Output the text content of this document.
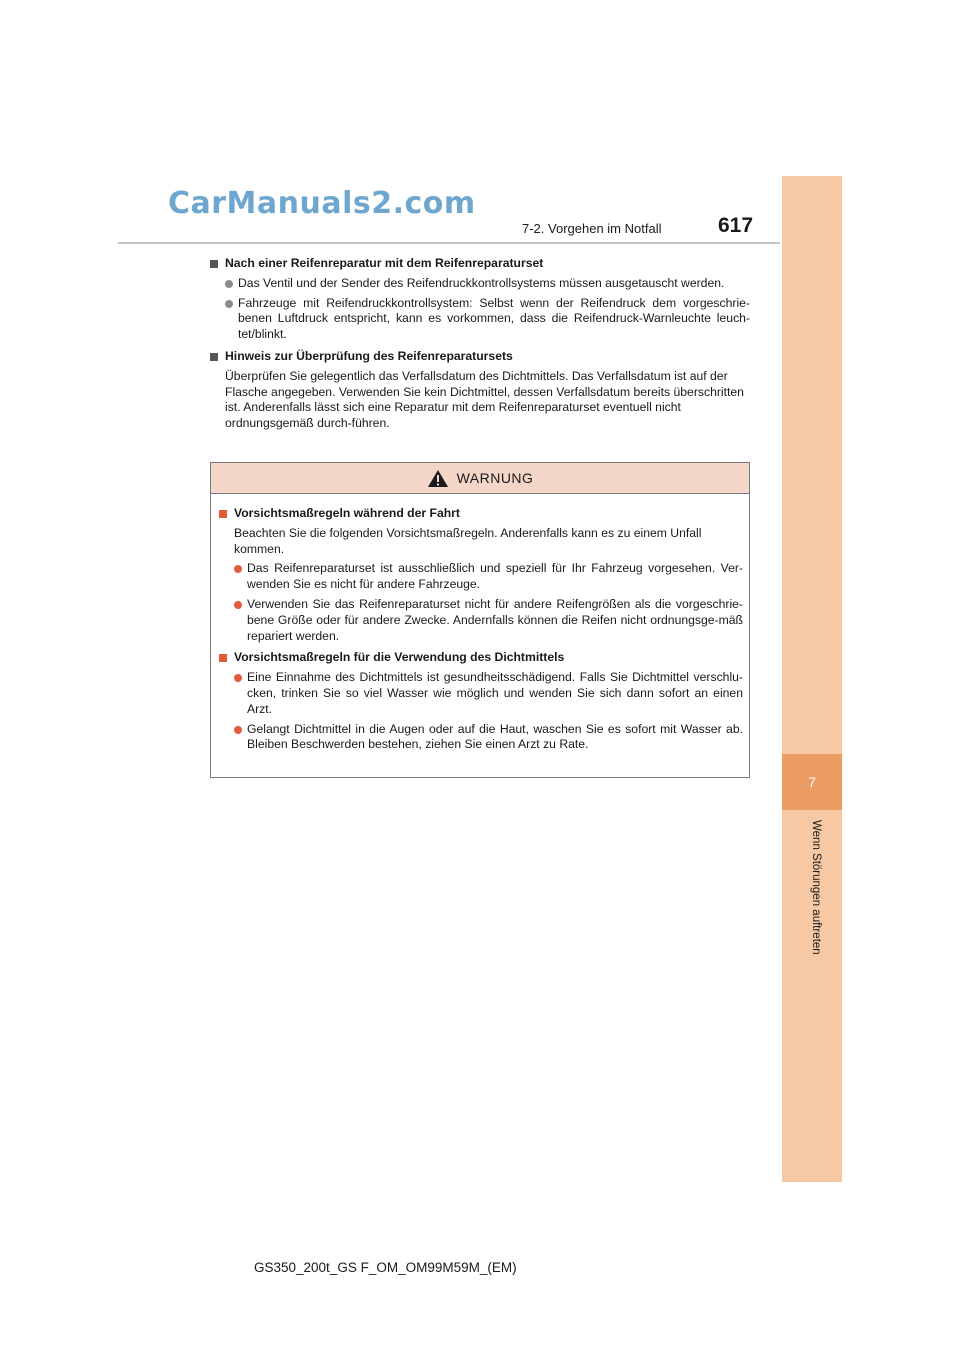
CarManuals2.com
7-2. Vorgehen im Notfall	617
7
Wenn Störungen auftreten
Nach einer Reifenreparatur mit dem Reifenreparaturset
Das Ventil und der Sender des Reifendruckkontrollsystems müssen ausgetauscht werden.
Fahrzeuge mit Reifendruckkontrollsystem: Selbst wenn der Reifendruck dem vorgeschrie-benen Luftdruck entspricht, kann es vorkommen, dass die Reifendruck-Warnleuchte leuch-tet/blinkt.
Hinweis zur Überprüfung des Reifenreparatursets
Überprüfen Sie gelegentlich das Verfallsdatum des Dichtmittels. Das Verfallsdatum ist auf der Flasche angegeben. Verwenden Sie kein Dichtmittel, dessen Verfallsdatum bereits überschritten ist. Anderenfalls lässt sich eine Reparatur mit dem Reifenreparaturset eventuell nicht ordnungsgemäß durch-führen.
WARNUNG
Vorsichtsmaßregeln während der Fahrt
Beachten Sie die folgenden Vorsichtsmaßregeln. Anderenfalls kann es zu einem Unfall kommen.
Das Reifenreparaturset ist ausschließlich und speziell für Ihr Fahrzeug vorgesehen. Ver-wenden Sie es nicht für andere Fahrzeuge.
Verwenden Sie das Reifenreparaturset nicht für andere Reifengrößen als die vorgeschrie-bene Größe oder für andere Zwecke. Andernfalls können die Reifen nicht ordnungsge-mäß repariert werden.
Vorsichtsmaßregeln für die Verwendung des Dichtmittels
Eine Einnahme des Dichtmittels ist gesundheitsschädigend. Falls Sie Dichtmittel verschlu-cken, trinken Sie so viel Wasser wie möglich und wenden Sie sich dann sofort an einen Arzt.
Gelangt Dichtmittel in die Augen oder auf die Haut, waschen Sie es sofort mit Wasser ab. Bleiben Beschwerden bestehen, ziehen Sie einen Arzt zu Rate.
GS350_200t_GS F_OM_OM99M59M_(EM)
